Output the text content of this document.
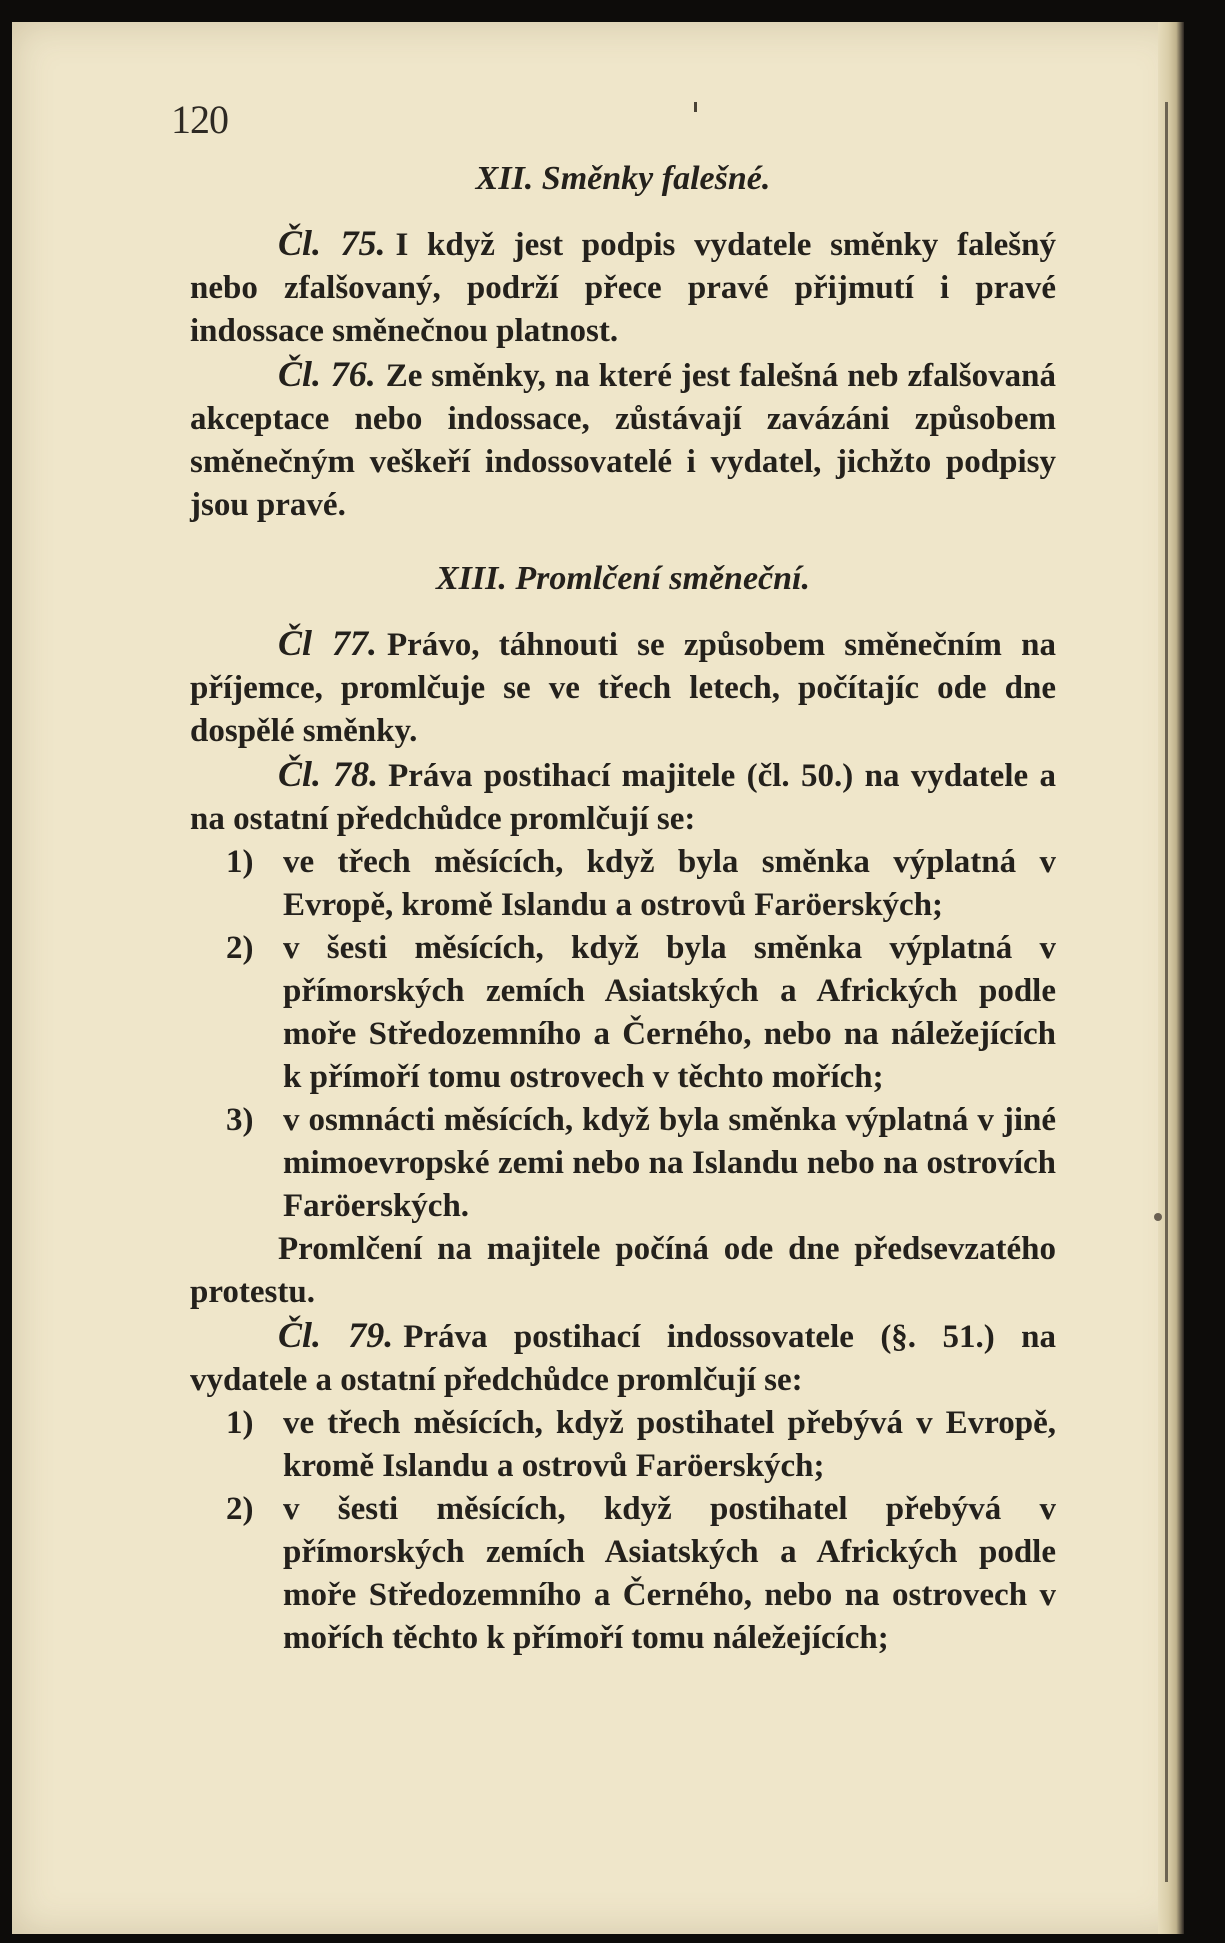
120
XII. Směnky falešné.

Čl. 75. I když jest podpis vydatele směnky falešný nebo zfalšovaný, podrží přece pravé přijmutí i pravé indossace směnečnou platnost.

Čl. 76. Ze směnky, na které jest falešná neb zfalšovaná akceptace nebo indossace, zůstávají zavázáni způsobem směnečným veškeří indossovatelé i vydatel, jichžto podpisy jsou pravé.

XIII. Promlčení směneční.

Čl 77. Právo, táhnouti se způsobem směnečním na příjemce, promlčuje se ve třech letech, počítajíc ode dne dospělé směnky.

Čl. 78. Práva postihací majitele (čl. 50.) na vydatele a na ostatní předchůdce promlčují se:

1) ve třech měsících, když byla směnka výplatná v Evropě, kromě Islandu a ostrovů Faröerských;

2) v šesti měsících, když byla směnka výplatná v přímorských zemích Asiatských a Afrických podle moře Středozemního a Černého, nebo na náležejících k přímoří tomu ostrovech v těchto mořích;

3) v osmnácti měsících, když byla směnka výplatná v jiné mimoevropské zemi nebo na Islandu nebo na ostrovích Faröerských.

Promlčení na majitele počíná ode dne předsevzatého protestu.

Čl. 79. Práva postihací indossovatele (§. 51.) na vydatele a ostatní předchůdce promlčují se:

1) ve třech měsících, když postihatel přebývá v Evropě, kromě Islandu a ostrovů Faröerských;

2) v šesti měsících, když postihatel přebývá v přímorských zemích Asiatských a Afrických podle moře Středozemního a Černého, nebo na ostrovech v mořích těchto k přímoří tomu náležejících;
